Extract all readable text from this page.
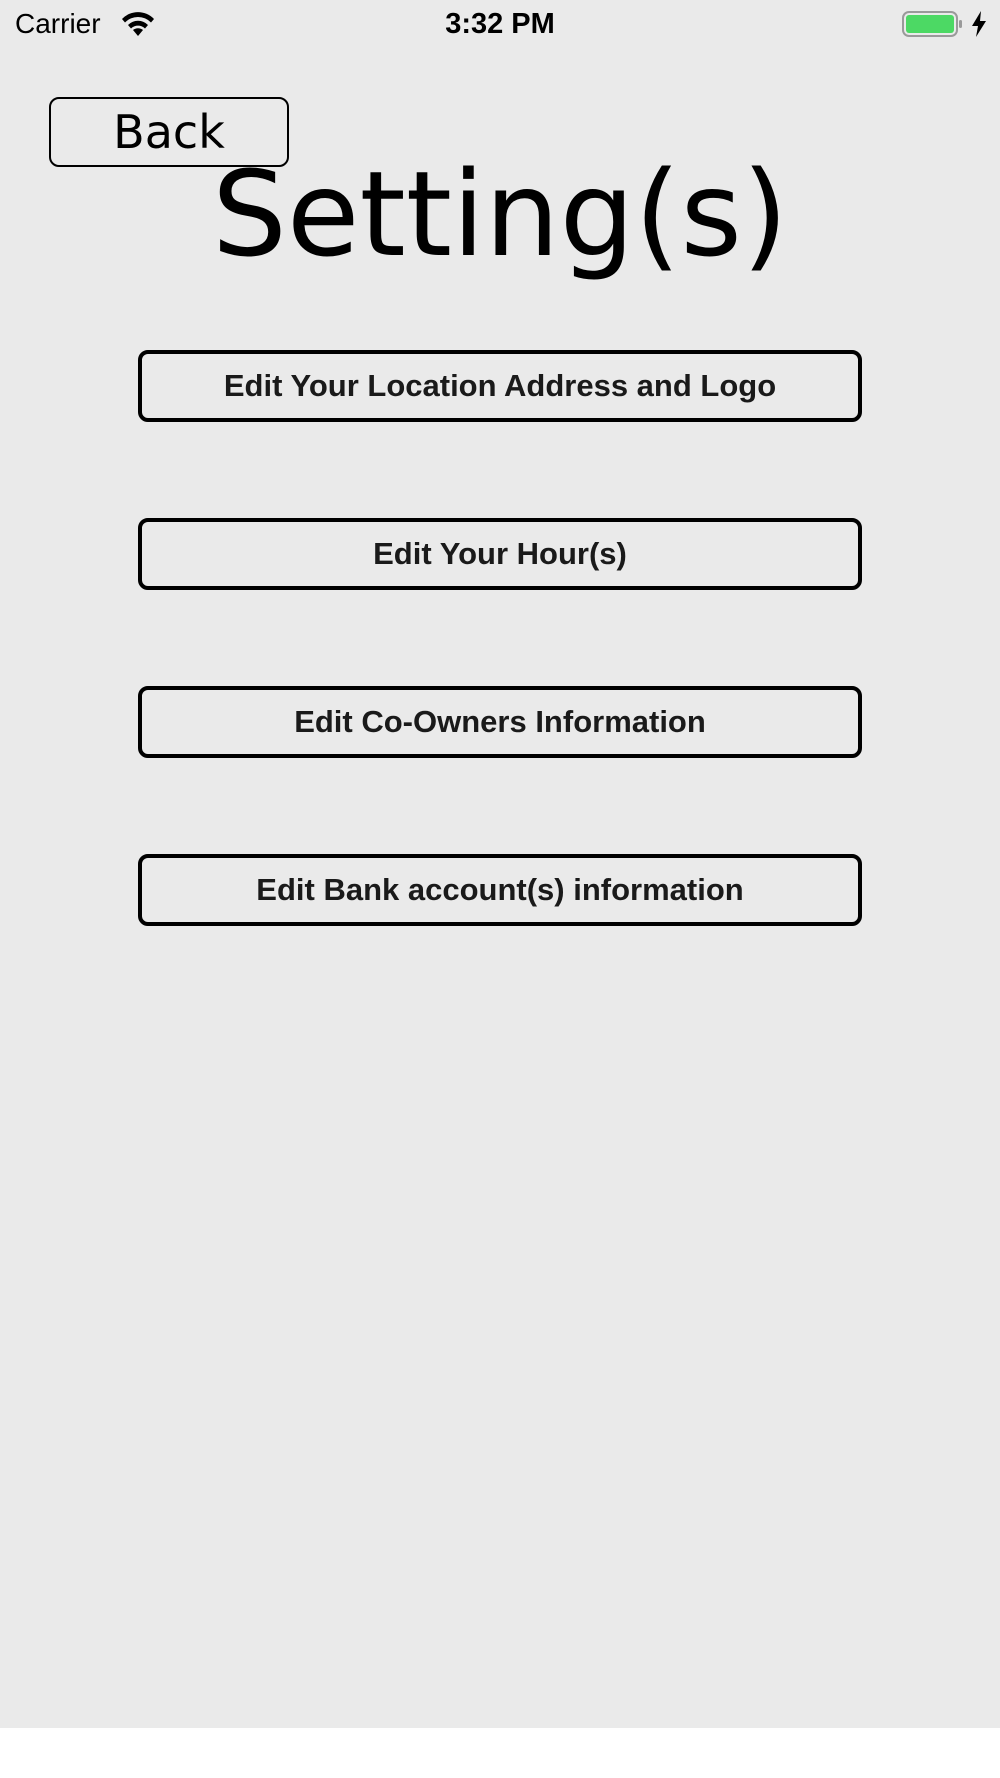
Carrier	3:32 PM
Back
Setting(s)
Edit Your Location Address and Logo
Edit Your Hour(s)
Edit Co-Owners Information
Edit Bank account(s) information
